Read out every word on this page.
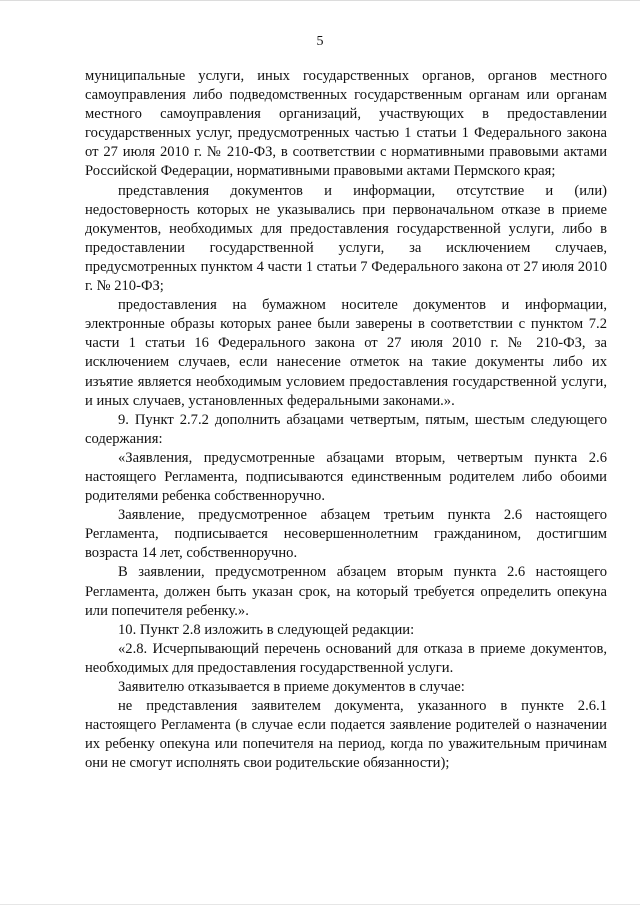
5

муниципальные услуги, иных государственных органов, органов местного самоуправления либо подведомственных государственным органам или органам местного самоуправления организаций, участвующих в предоставлении государственных услуг, предусмотренных частью 1 статьи 1 Федерального закона от 27 июля 2010 г. № 210-ФЗ, в соответствии с нормативными правовыми актами Российской Федерации, нормативными правовыми актами Пермского края;

представления документов и информации, отсутствие и (или) недостоверность которых не указывались при первоначальном отказе в приеме документов, необходимых для предоставления государственной услуги, либо в предоставлении государственной услуги, за исключением случаев, предусмотренных пунктом 4 части 1 статьи 7 Федерального закона от 27 июля 2010 г. № 210-ФЗ;

предоставления на бумажном носителе документов и информации, электронные образы которых ранее были заверены в соответствии с пунктом 7.2 части 1 статьи 16 Федерального закона от 27 июля 2010 г. № 210-ФЗ, за исключением случаев, если нанесение отметок на такие документы либо их изъятие является необходимым условием предоставления государственной услуги, и иных случаев, установленных федеральными законами.».

9. Пункт 2.7.2 дополнить абзацами четвертым, пятым, шестым следующего содержания:

«Заявления, предусмотренные абзацами вторым, четвертым пункта 2.6 настоящего Регламента, подписываются единственным родителем либо обоими родителями ребенка собственноручно.

Заявление, предусмотренное абзацем третьим пункта 2.6 настоящего Регламента, подписывается несовершеннолетним гражданином, достигшим возраста 14 лет, собственноручно.

В заявлении, предусмотренном абзацем вторым пункта 2.6 настоящего Регламента, должен быть указан срок, на который требуется определить опекуна или попечителя ребенку.».

10. Пункт 2.8 изложить в следующей редакции:

«2.8. Исчерпывающий перечень оснований для отказа в приеме документов, необходимых для предоставления государственной услуги.

Заявителю отказывается в приеме документов в случае:

не представления заявителем документа, указанного в пункте 2.6.1 настоящего Регламента (в случае если подается заявление родителей о назначении их ребенку опекуна или попечителя на период, когда по уважительным причинам они не смогут исполнять свои родительские обязанности);
